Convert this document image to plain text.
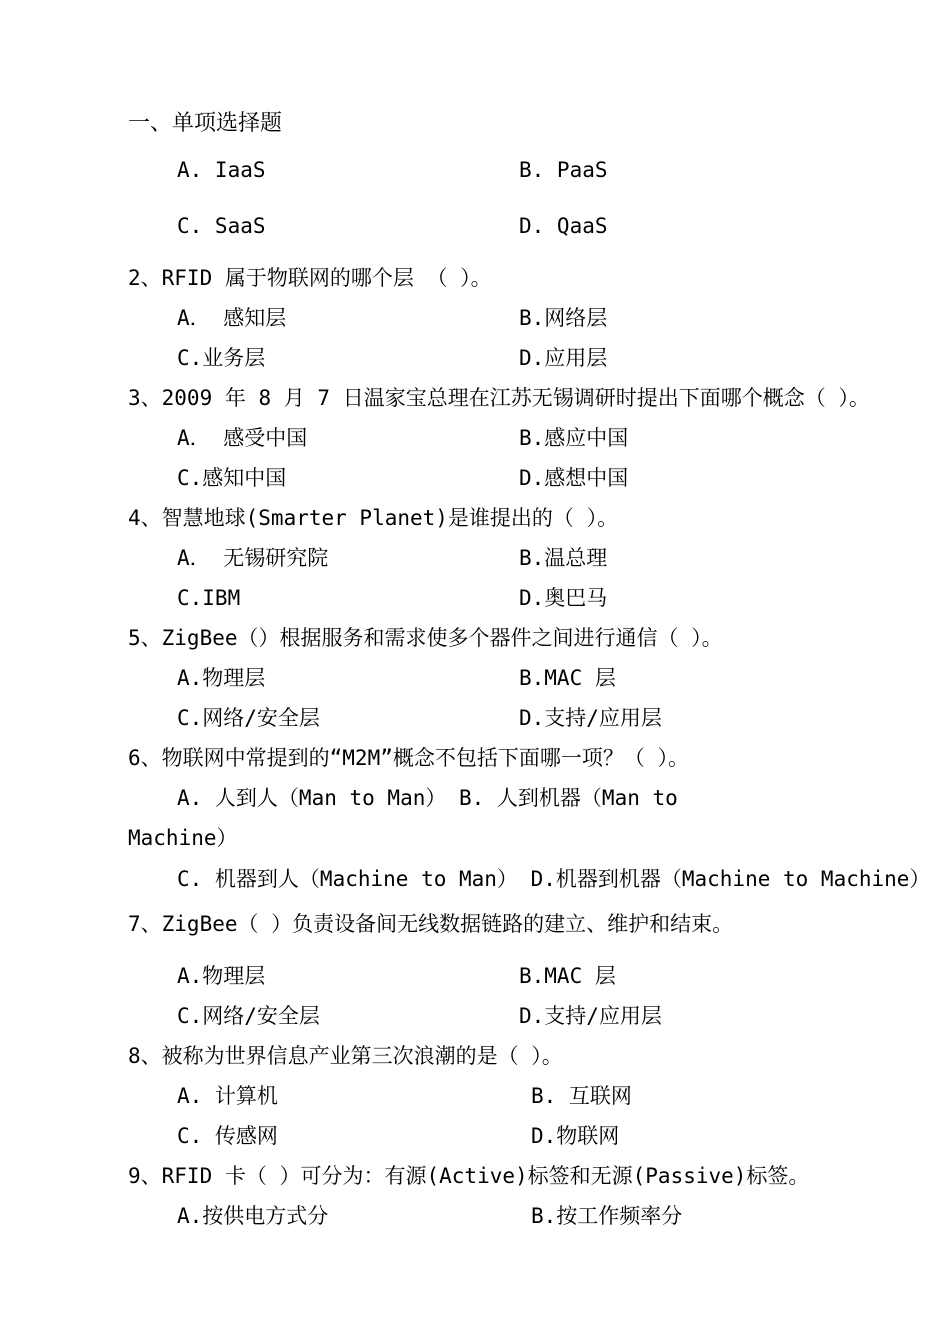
一、单项选择题
A. IaaS	B. PaaS
C. SaaS	D. QaaS
2、RFID 属于物联网的哪个层 （ ）。
A． 感知层	B.网络层
C.业务层	D.应用层
3、2009 年 8 月 7 日温家宝总理在江苏无锡调研时提出下面哪个概念（ ）。
A． 感受中国	B.感应中国
C.感知中国	D.感想中国
4、智慧地球(Smarter Planet)是谁提出的（ ）。
A． 无锡研究院	B.温总理
C.IBM	D.奥巴马
5、ZigBee（）根据服务和需求使多个器件之间进行通信（ ）。
A.物理层	B.MAC 层
C.网络/安全层	D.支持/应用层
6、物联网中常提到的“M2M”概念不包括下面哪一项？（ ）。
A. 人到人（Man to Man） B. 人到机器（Man to
Machine）
C. 机器到人（Machine to Man） D.机器到机器（Machine to Machine）
7、ZigBee（ ）负责设备间无线数据链路的建立、维护和结束。
A.物理层	B.MAC 层
C.网络/安全层	D.支持/应用层
8、被称为世界信息产业第三次浪潮的是（ ）。
A. 计算机	B. 互联网
C. 传感网	D.物联网
9、RFID 卡（ ）可分为：有源(Active)标签和无源(Passive)标签。
A.按供电方式分	B.按工作频率分
